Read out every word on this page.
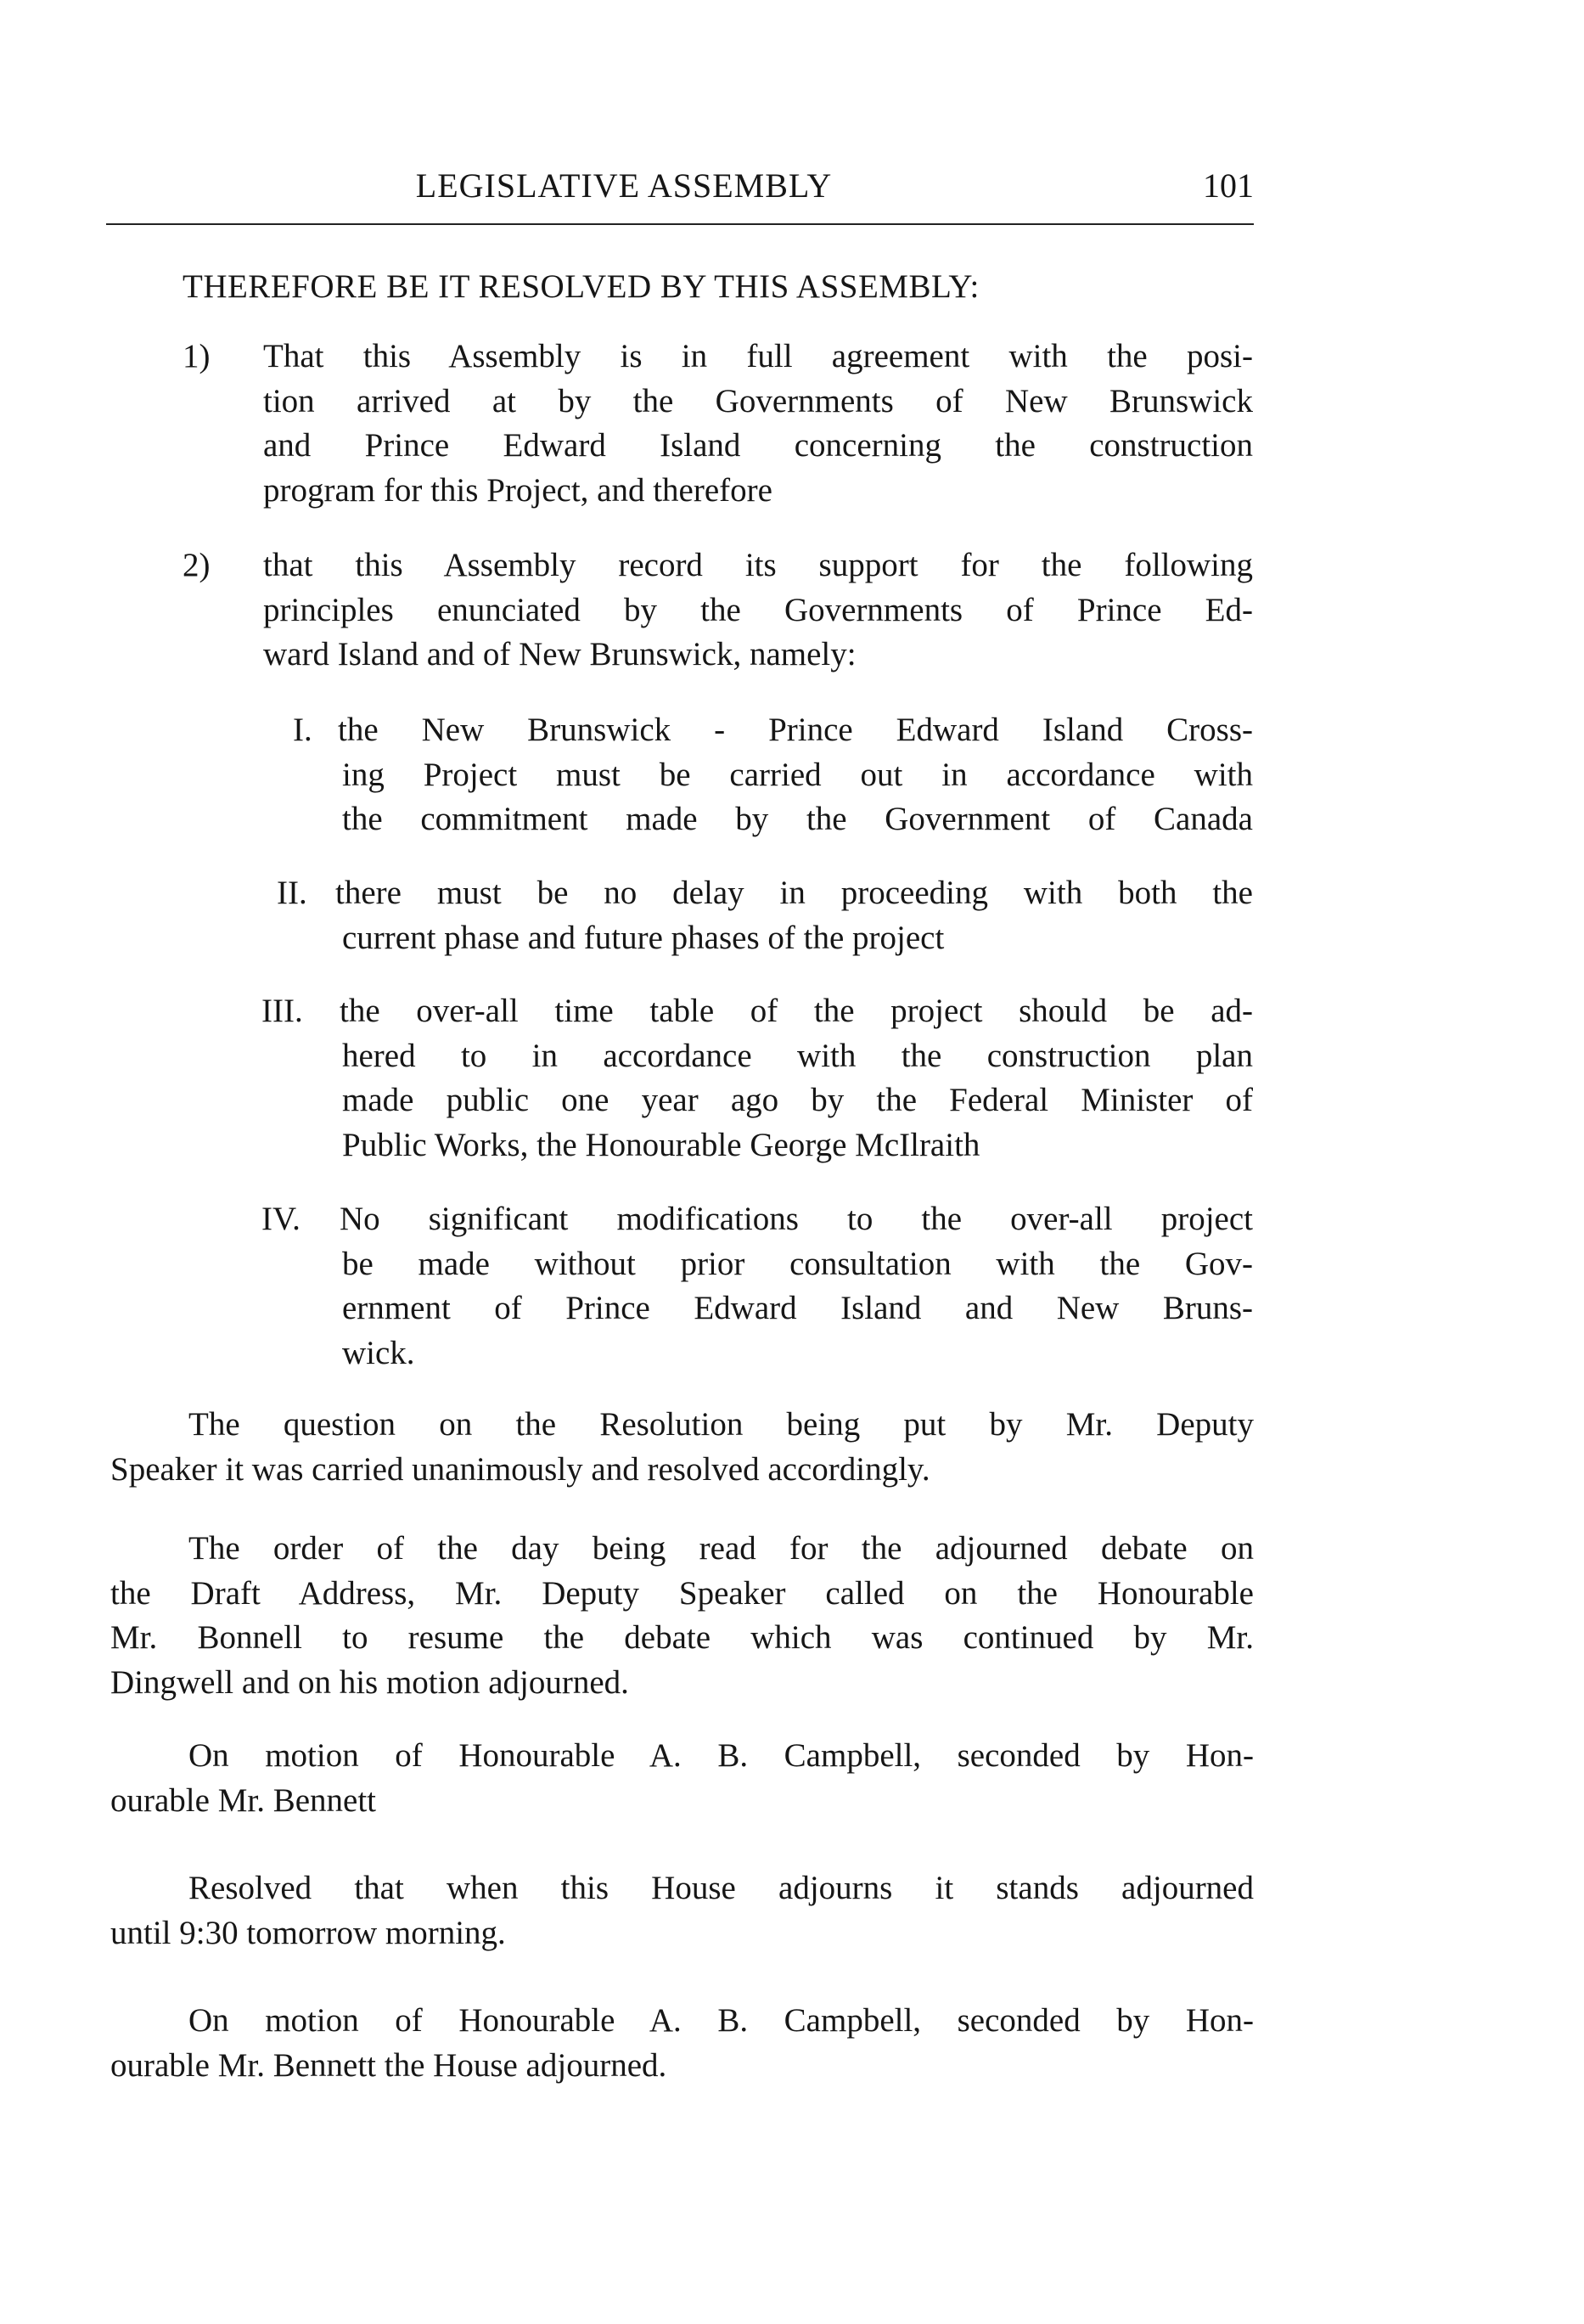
LEGISLATIVE ASSEMBLY	101
THEREFORE BE IT RESOLVED BY THIS ASSEMBLY:
1) That this Assembly is in full agreement with the posi-
tion arrived at by the Governments of New Brunswick
and Prince Edward Island concerning the construction
program for this Project, and therefore
2) that this Assembly record its support for the following
principles enunciated by the Governments of Prince Ed-
ward Island and of New Brunswick, namely:
I. the New Brunswick - Prince Edward Island Cross-
ing Project must be carried out in accordance with
the commitment made by the Government of Canada
II. there must be no delay in proceeding with both the
current phase and future phases of the project
III. the over-all time table of the project should be ad-
hered to in accordance with the construction plan
made public one year ago by the Federal Minister of
Public Works, the Honourable George McIlraith
IV. No significant modifications to the over-all project
be made without prior consultation with the Gov-
ernment of Prince Edward Island and New Bruns-
wick.
The question on the Resolution being put by Mr. Deputy
Speaker it was carried unanimously and resolved accordingly.
The order of the day being read for the adjourned debate on
the Draft Address, Mr. Deputy Speaker called on the Honourable
Mr. Bonnell to resume the debate which was continued by Mr.
Dingwell and on his motion adjourned.
On motion of Honourable A. B. Campbell, seconded by Hon-
ourable Mr. Bennett
Resolved that when this House adjourns it stands adjourned
until 9:30 tomorrow morning.
On motion of Honourable A. B. Campbell, seconded by Hon-
ourable Mr. Bennett the House adjourned.
